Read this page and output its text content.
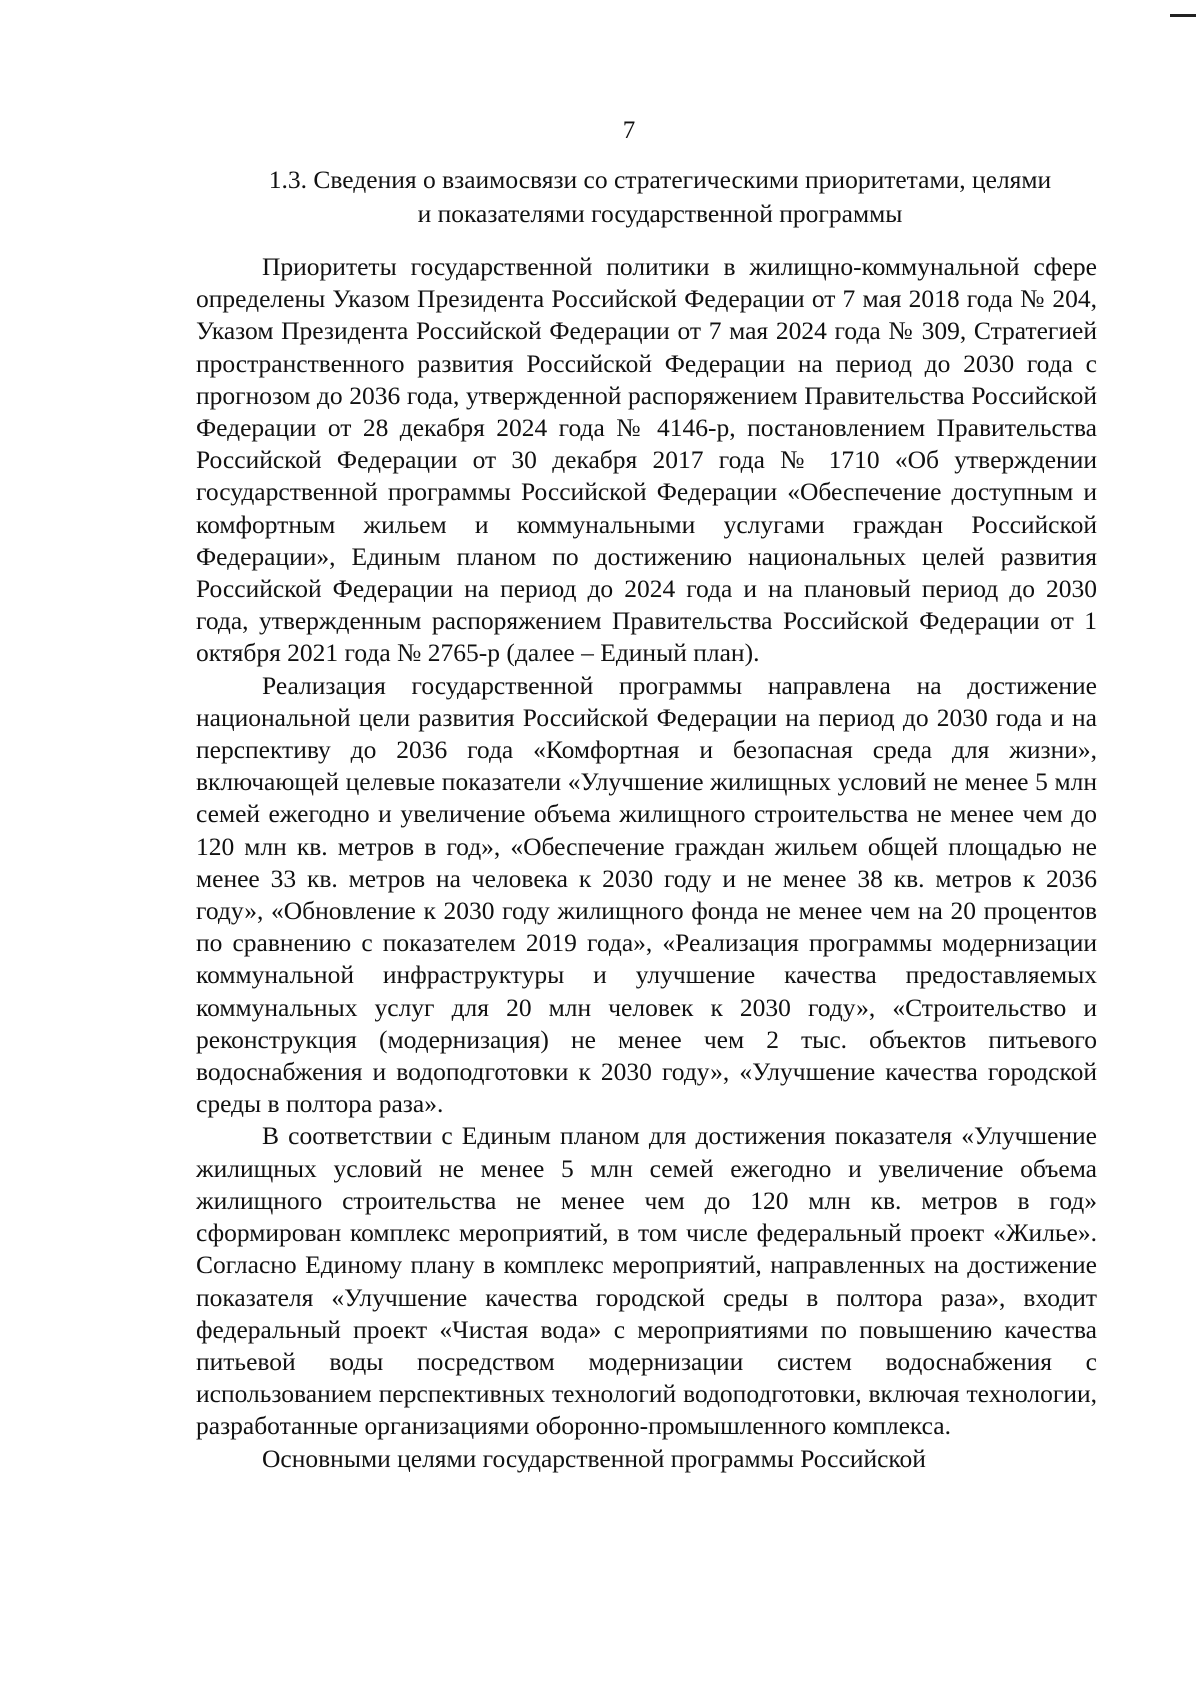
7
1.3. Сведения о взаимосвязи со стратегическими приоритетами, целями
и показателями государственной программы

Приоритеты государственной политики в жилищно-коммунальной сфере определены Указом Президента Российской Федерации от 7 мая 2018 года № 204, Указом Президента Российской Федерации от 7 мая 2024 года № 309, Стратегией пространственного развития Российской Федерации на период до 2030 года с прогнозом до 2036 года, утвержденной распоряжением Правительства Российской Федерации от 28 декабря 2024 года № 4146-р, постановлением Правительства Российской Федерации от 30 декабря 2017 года № 1710 «Об утверждении государственной программы Российской Федерации «Обеспечение доступным и комфортным жильем и коммунальными услугами граждан Российской Федерации», Единым планом по достижению национальных целей развития Российской Федерации на период до 2024 года и на плановый период до 2030 года, утвержденным распоряжением Правительства Российской Федерации от 1 октября 2021 года № 2765-р (далее – Единый план).

Реализация государственной программы направлена на достижение национальной цели развития Российской Федерации на период до 2030 года и на перспективу до 2036 года «Комфортная и безопасная среда для жизни», включающей целевые показатели «Улучшение жилищных условий не менее 5 млн семей ежегодно и увеличение объема жилищного строительства не менее чем до 120 млн кв. метров в год», «Обеспечение граждан жильем общей площадью не менее 33 кв. метров на человека к 2030 году и не менее 38 кв. метров к 2036 году», «Обновление к 2030 году жилищного фонда не менее чем на 20 процентов по сравнению с показателем 2019 года», «Реализация программы модернизации коммунальной инфраструктуры и улучшение качества предоставляемых коммунальных услуг для 20 млн человек к 2030 году», «Строительство и реконструкция (модернизация) не менее чем 2 тыс. объектов питьевого водоснабжения и водоподготовки к 2030 году», «Улучшение качества городской среды в полтора раза».

В соответствии с Единым планом для достижения показателя «Улучшение жилищных условий не менее 5 млн семей ежегодно и увеличение объема жилищного строительства не менее чем до 120 млн кв. метров в год» сформирован комплекс мероприятий, в том числе федеральный проект «Жилье». Согласно Единому плану в комплекс мероприятий, направленных на достижение показателя «Улучшение качества городской среды в полтора раза», входит федеральный проект «Чистая вода» с мероприятиями по повышению качества питьевой воды посредством модернизации систем водоснабжения с использованием перспективных технологий водоподготовки, включая технологии, разработанные организациями оборонно-промышленного комплекса.

Основными целями государственной программы Российской
